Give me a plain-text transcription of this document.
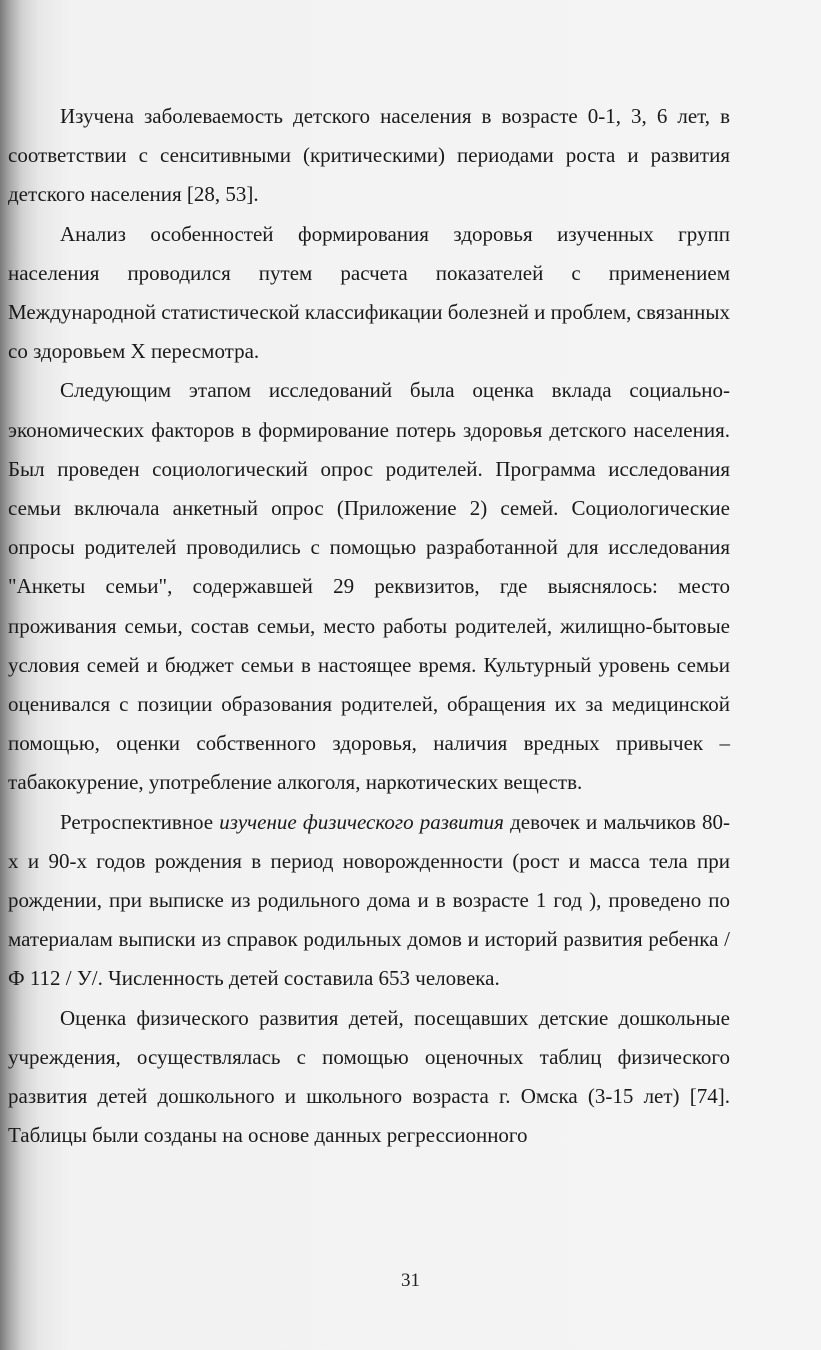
Изучена заболеваемость детского населения в возрасте 0-1, 3, 6 лет, в соответствии с сенситивными (критическими) периодами роста и развития детского населения [28, 53].

Анализ особенностей формирования здоровья изученных групп населения проводился путем расчета показателей с применением Международной статистической классификации болезней и проблем, связанных со здоровьем X пересмотра.

Следующим этапом исследований была оценка вклада социально-экономических факторов в формирование потерь здоровья детского населения. Был проведен социологический опрос родителей. Программа исследования семьи включала анкетный опрос (Приложение 2) семей. Социологические опросы родителей проводились с помощью разработанной для исследования "Анкеты семьи", содержавшей 29 реквизитов, где выяснялось: место проживания семьи, состав семьи, место работы родителей, жилищно-бытовые условия семей и бюджет семьи в настоящее время. Культурный уровень семьи оценивался с позиции образования родителей, обращения их за медицинской помощью, оценки собственного здоровья, наличия вредных привычек – табакокурение, употребление алкоголя, наркотических веществ.

Ретроспективное изучение физического развития девочек и мальчиков 80-х и 90-х годов рождения в период новорожденности (рост и масса тела при рождении, при выписке из родильного дома и в возрасте 1 год ), проведено по материалам выписки из справок родильных домов и историй развития ребенка /Ф 112 / У/. Численность детей составила 653 человека.

Оценка физического развития детей, посещавших детские дошкольные учреждения, осуществлялась с помощью оценочных таблиц физического развития детей дошкольного и школьного возраста г. Омска (3-15 лет) [74]. Таблицы были созданы на основе данных регрессионного

31
